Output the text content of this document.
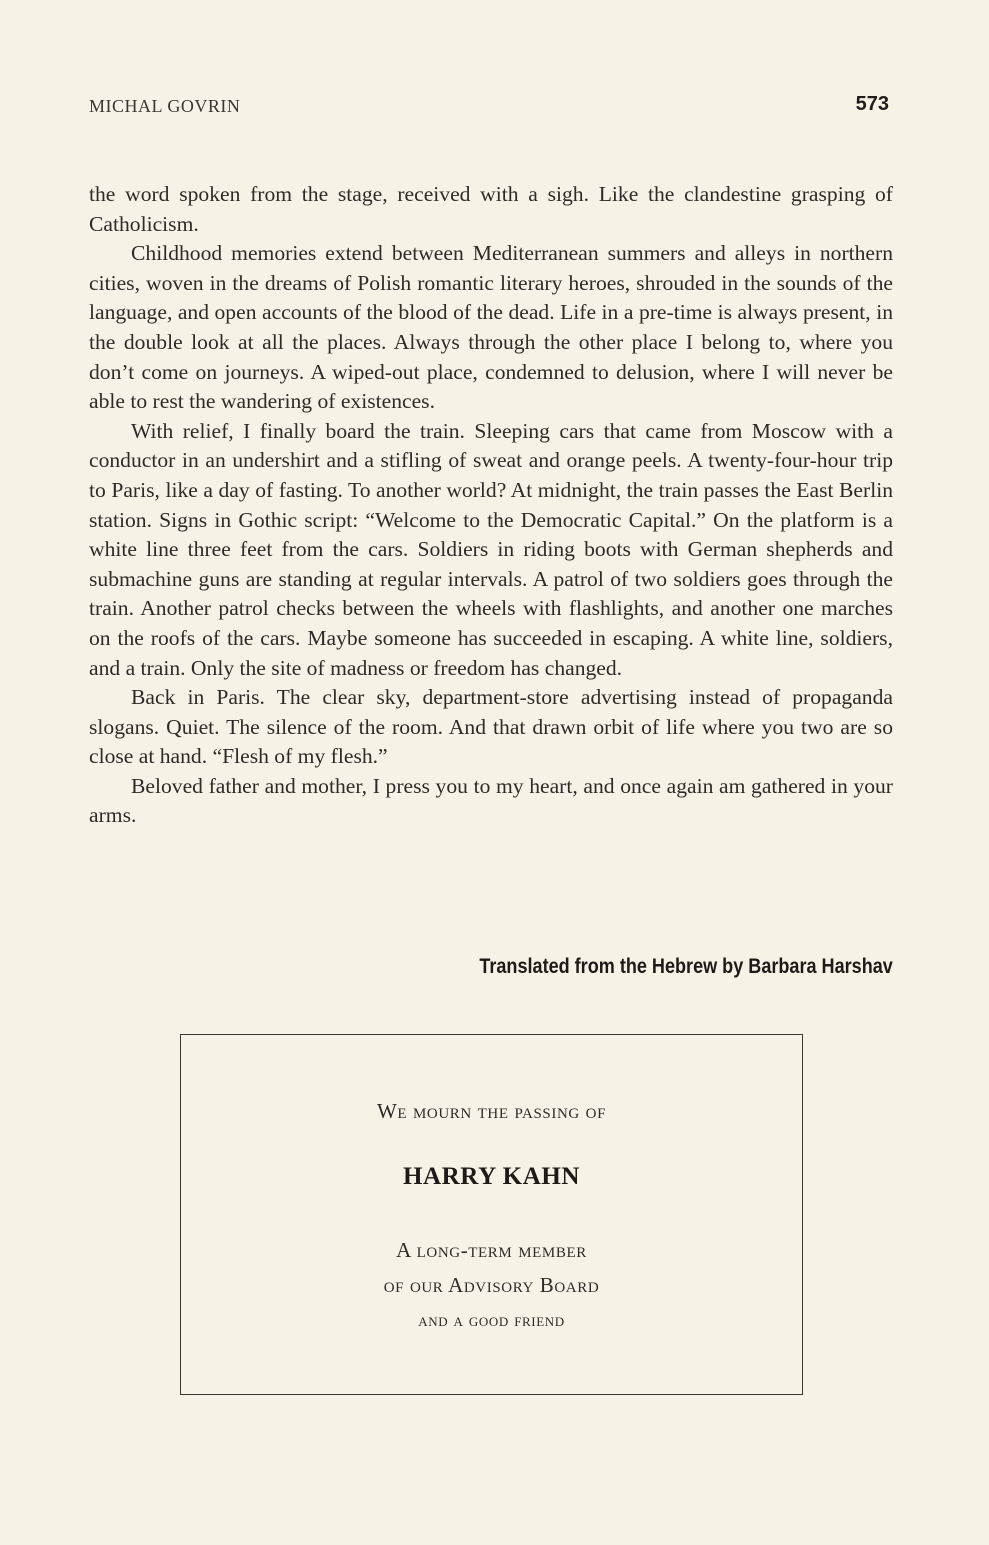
MICHAL GOVRIN	573

the word spoken from the stage, received with a sigh. Like the clandestine grasping of Catholicism.

Childhood memories extend between Mediterranean summers and alleys in northern cities, woven in the dreams of Polish romantic literary heroes, shrouded in the sounds of the language, and open accounts of the blood of the dead. Life in a pre-time is always present, in the double look at all the places. Always through the other place I belong to, where you don’t come on journeys. A wiped-out place, condemned to delusion, where I will never be able to rest the wandering of existences.

With relief, I finally board the train. Sleeping cars that came from Moscow with a conductor in an undershirt and a stifling of sweat and orange peels. A twenty-four-hour trip to Paris, like a day of fasting. To another world? At midnight, the train passes the East Berlin station. Signs in Gothic script: “Welcome to the Democratic Capital.” On the platform is a white line three feet from the cars. Soldiers in riding boots with German shepherds and submachine guns are standing at regular intervals. A patrol of two soldiers goes through the train. Another patrol checks between the wheels with flashlights, and another one marches on the roofs of the cars. Maybe someone has succeeded in escaping. A white line, soldiers, and a train. Only the site of madness or freedom has changed.

Back in Paris. The clear sky, department-store advertising instead of propaganda slogans. Quiet. The silence of the room. And that drawn orbit of life where you two are so close at hand. “Flesh of my flesh.”

Beloved father and mother, I press you to my heart, and once again am gathered in your arms.

Translated from the Hebrew by Barbara Harshav
We mourn the passing of
HARRY KAHN
A long-term member
of our Advisory Board
and a good friend
